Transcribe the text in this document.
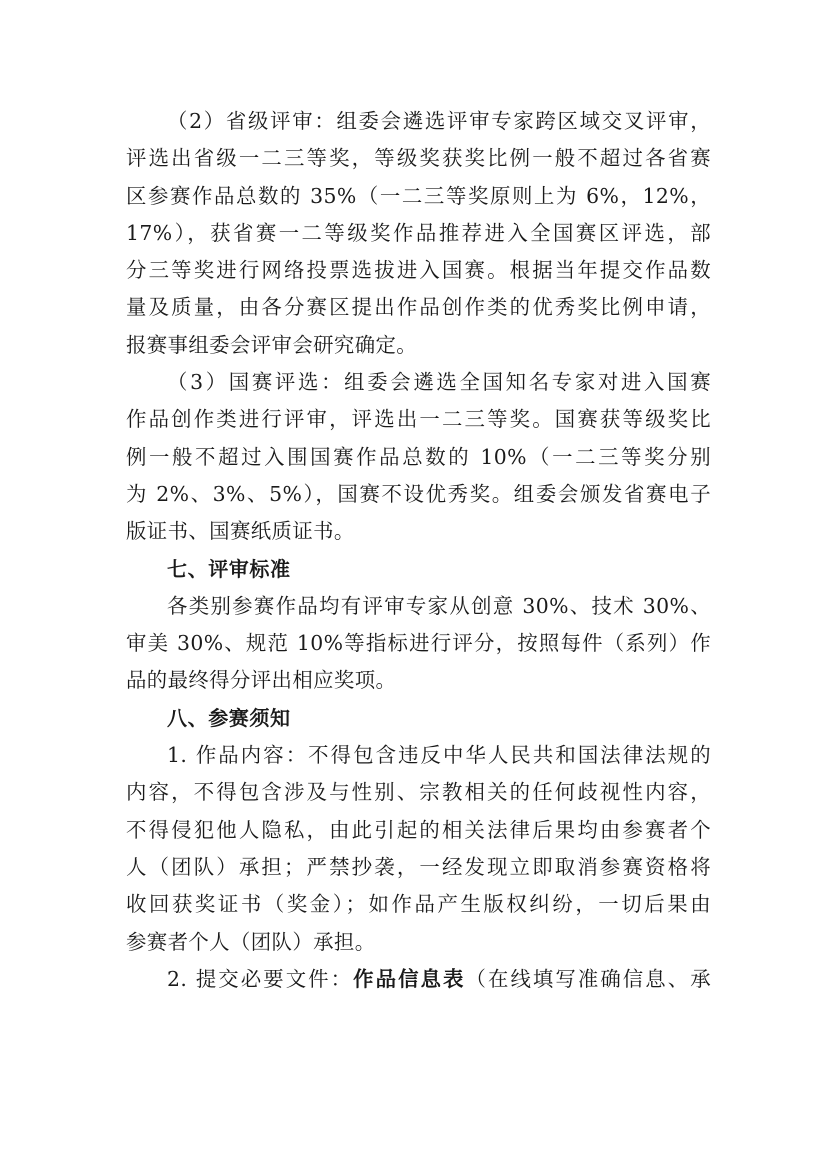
（2）省级评审：组委会遴选评审专家跨区域交叉评审，
评选出省级一二三等奖，等级奖获奖比例一般不超过各省赛
区参赛作品总数的 35%（一二三等奖原则上为 6%，12%，
17%），获省赛一二等级奖作品推荐进入全国赛区评选，部
分三等奖进行网络投票选拔进入国赛。根据当年提交作品数
量及质量，由各分赛区提出作品创作类的优秀奖比例申请，
报赛事组委会评审会研究确定。

（3）国赛评选：组委会遴选全国知名专家对进入国赛
作品创作类进行评审，评选出一二三等奖。国赛获等级奖比
例一般不超过入围国赛作品总数的 10%（一二三等奖分别
为 2%、3%、5%），国赛不设优秀奖。组委会颁发省赛电子
版证书、国赛纸质证书。

七、评审标准

各类别参赛作品均有评审专家从创意 30%、技术 30%、
审美 30%、规范 10%等指标进行评分，按照每件（系列）作
品的最终得分评出相应奖项。

八、参赛须知

1. 作品内容：不得包含违反中华人民共和国法律法规的
内容，不得包含涉及与性别、宗教相关的任何歧视性内容，
不得侵犯他人隐私，由此引起的相关法律后果均由参赛者个
人（团队）承担；严禁抄袭，一经发现立即取消参赛资格将
收回获奖证书（奖金）；如作品产生版权纠纷，一切后果由
参赛者个人（团队）承担。

2. 提交必要文件：作品信息表（在线填写准确信息、承
